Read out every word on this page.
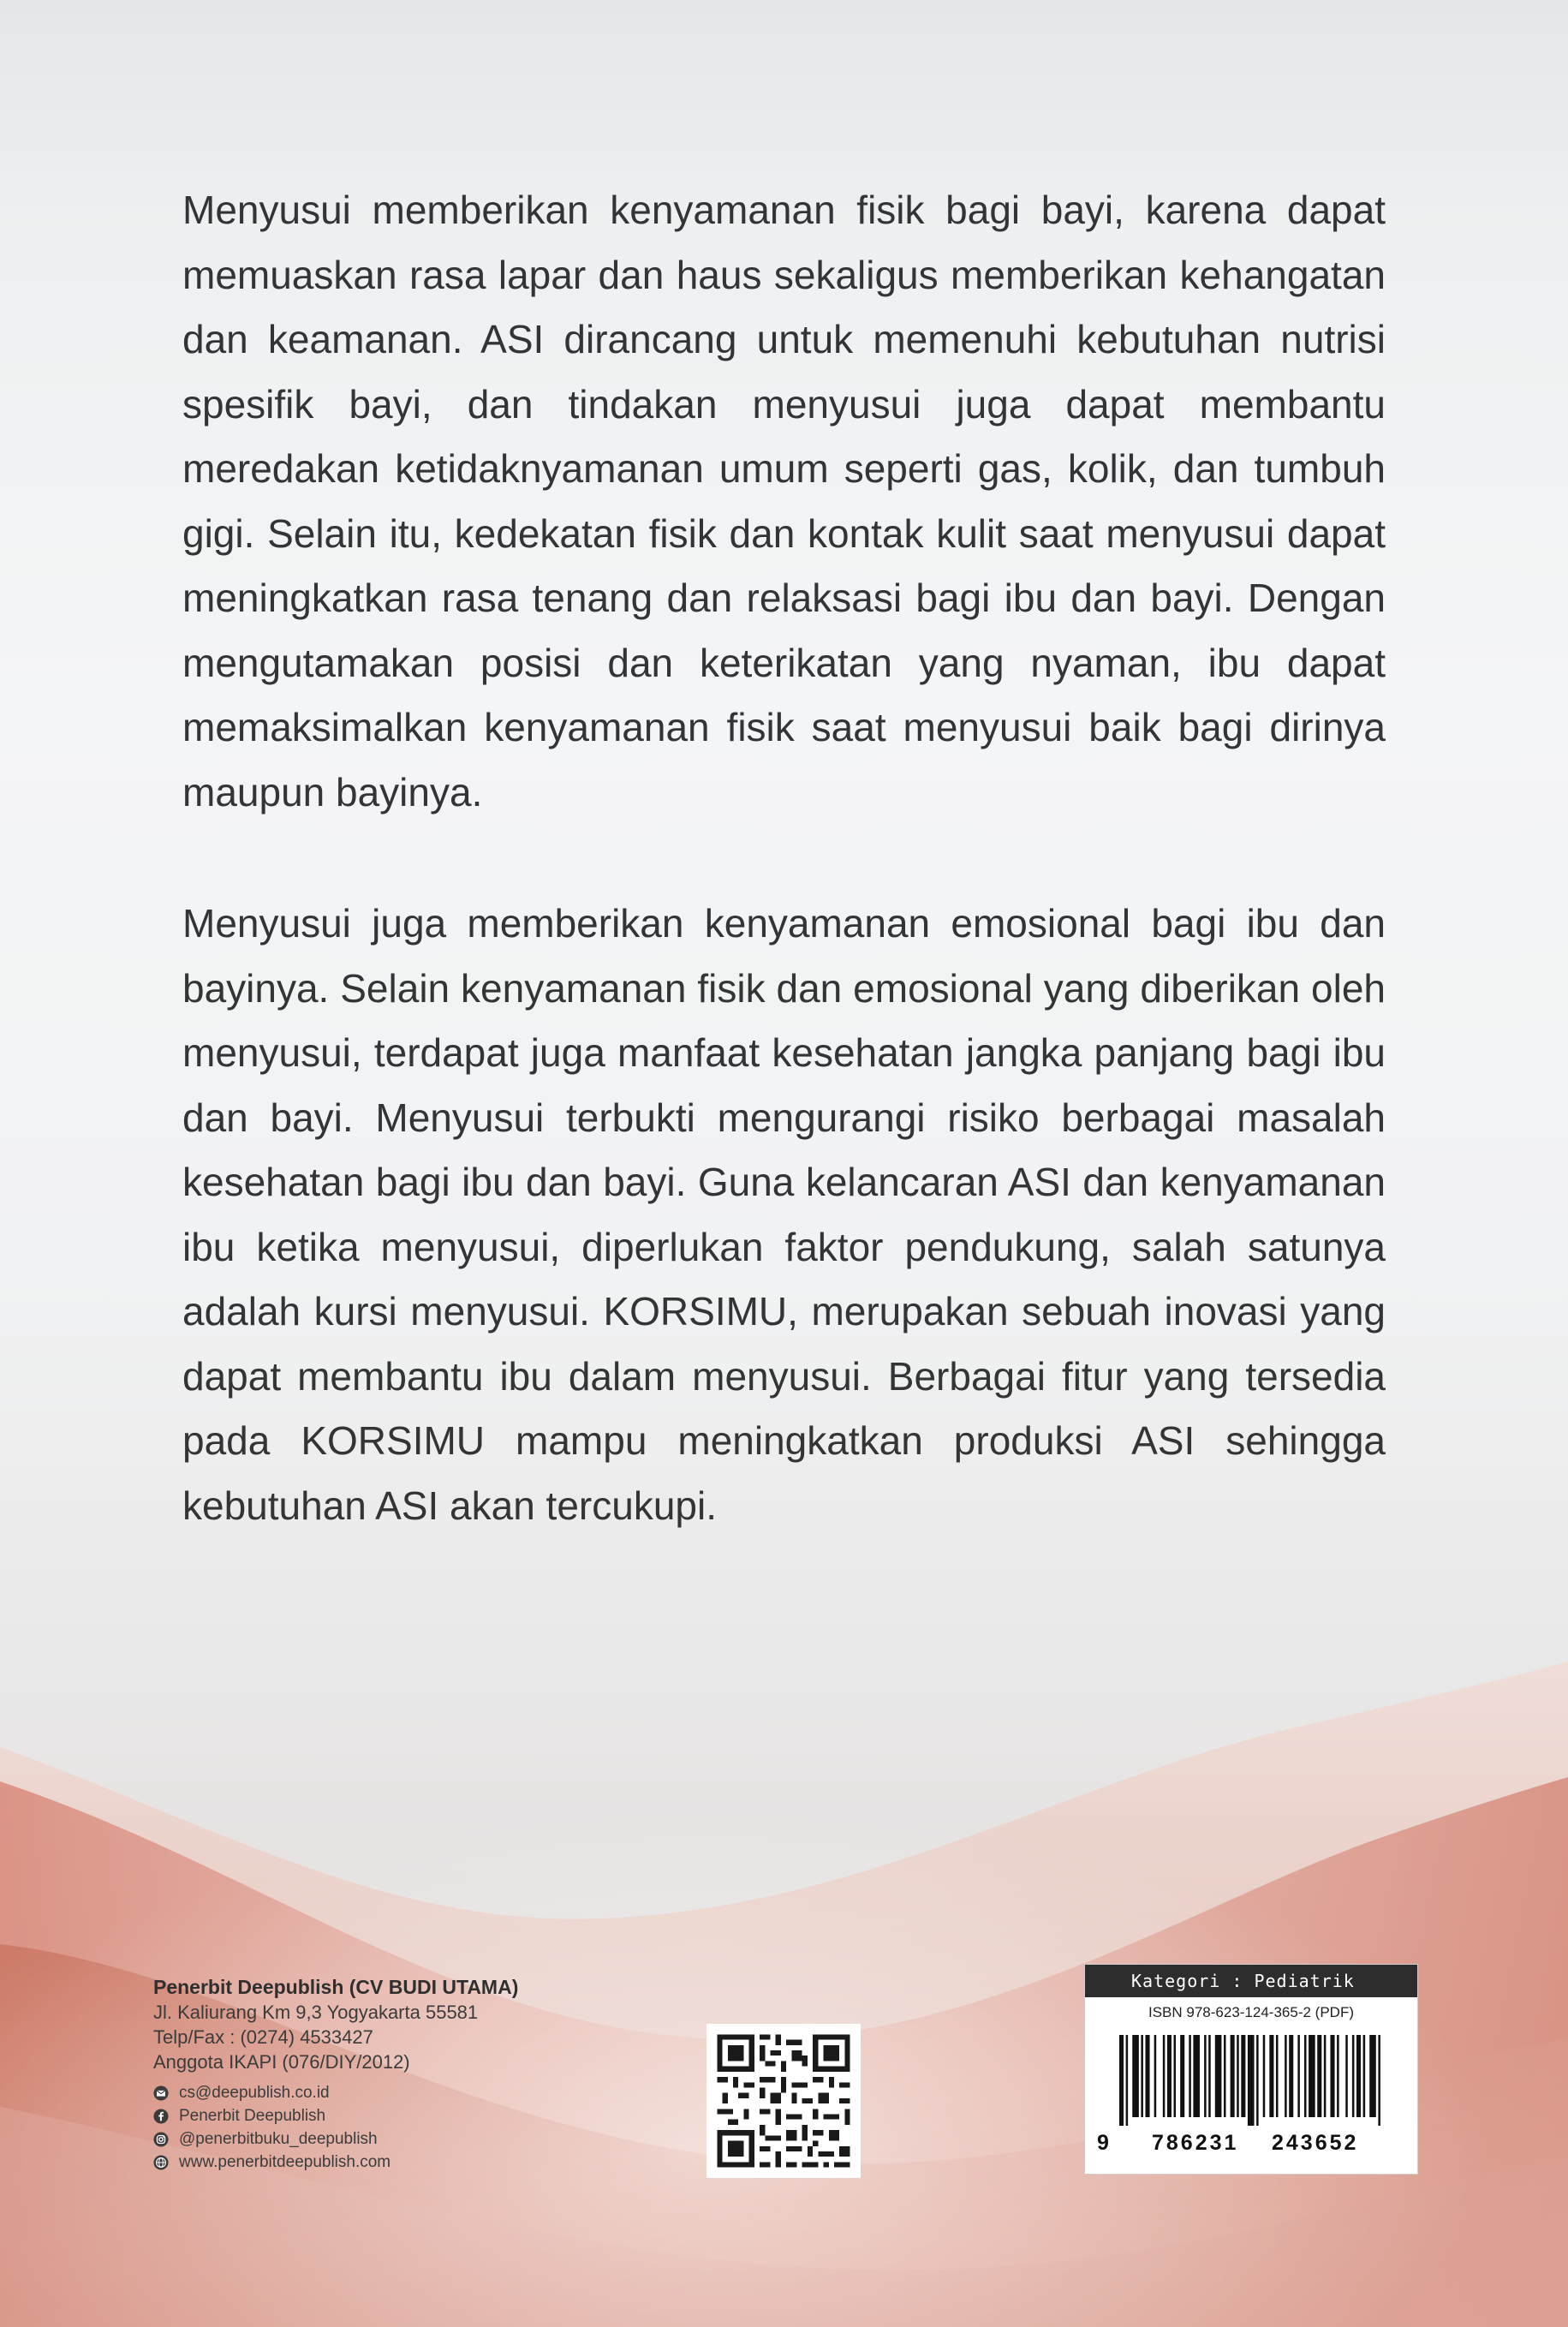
Menyusui memberikan kenyamanan fisik bagi bayi, karena dapat memuaskan rasa lapar dan haus sekaligus memberikan kehangatan dan keamanan. ASI dirancang untuk memenuhi kebutuhan nutrisi spesifik bayi, dan tindakan menyusui juga dapat membantu meredakan ketidaknyamanan umum seperti gas, kolik, dan tumbuh gigi. Selain itu, kedekatan fisik dan kontak kulit saat menyusui dapat meningkatkan rasa tenang dan relaksasi bagi ibu dan bayi. Dengan mengutamakan posisi dan keterikatan yang nyaman, ibu dapat memaksimalkan kenyamanan fisik saat menyusui baik bagi dirinya maupun bayinya.

Menyusui juga memberikan kenyamanan emosional bagi ibu dan bayinya. Selain kenyamanan fisik dan emosional yang diberikan oleh menyusui, terdapat juga manfaat kesehatan jangka panjang bagi ibu dan bayi. Menyusui terbukti mengurangi risiko berbagai masalah kesehatan bagi ibu dan bayi. Guna kelancaran ASI dan kenyamanan ibu ketika menyusui, diperlukan faktor pendukung, salah satunya adalah kursi menyusui. KORSIMU, merupakan sebuah inovasi yang dapat membantu ibu dalam menyusui. Berbagai fitur yang tersedia pada KORSIMU mampu meningkatkan produksi ASI sehingga kebutuhan ASI akan tercukupi.

Penerbit Deepublish (CV BUDI UTAMA)
Jl. Kaliurang Km 9,3 Yogyakarta 55581
Telp/Fax : (0274) 4533427
Anggota IKAPI (076/DIY/2012)
cs@deepublish.co.id
Penerbit Deepublish
@penerbitbuku_deepublish
www.penerbitdeepublish.com
Kategori : Pediatrik
ISBN 978-623-124-365-2 (PDF)
9 786231 243652
